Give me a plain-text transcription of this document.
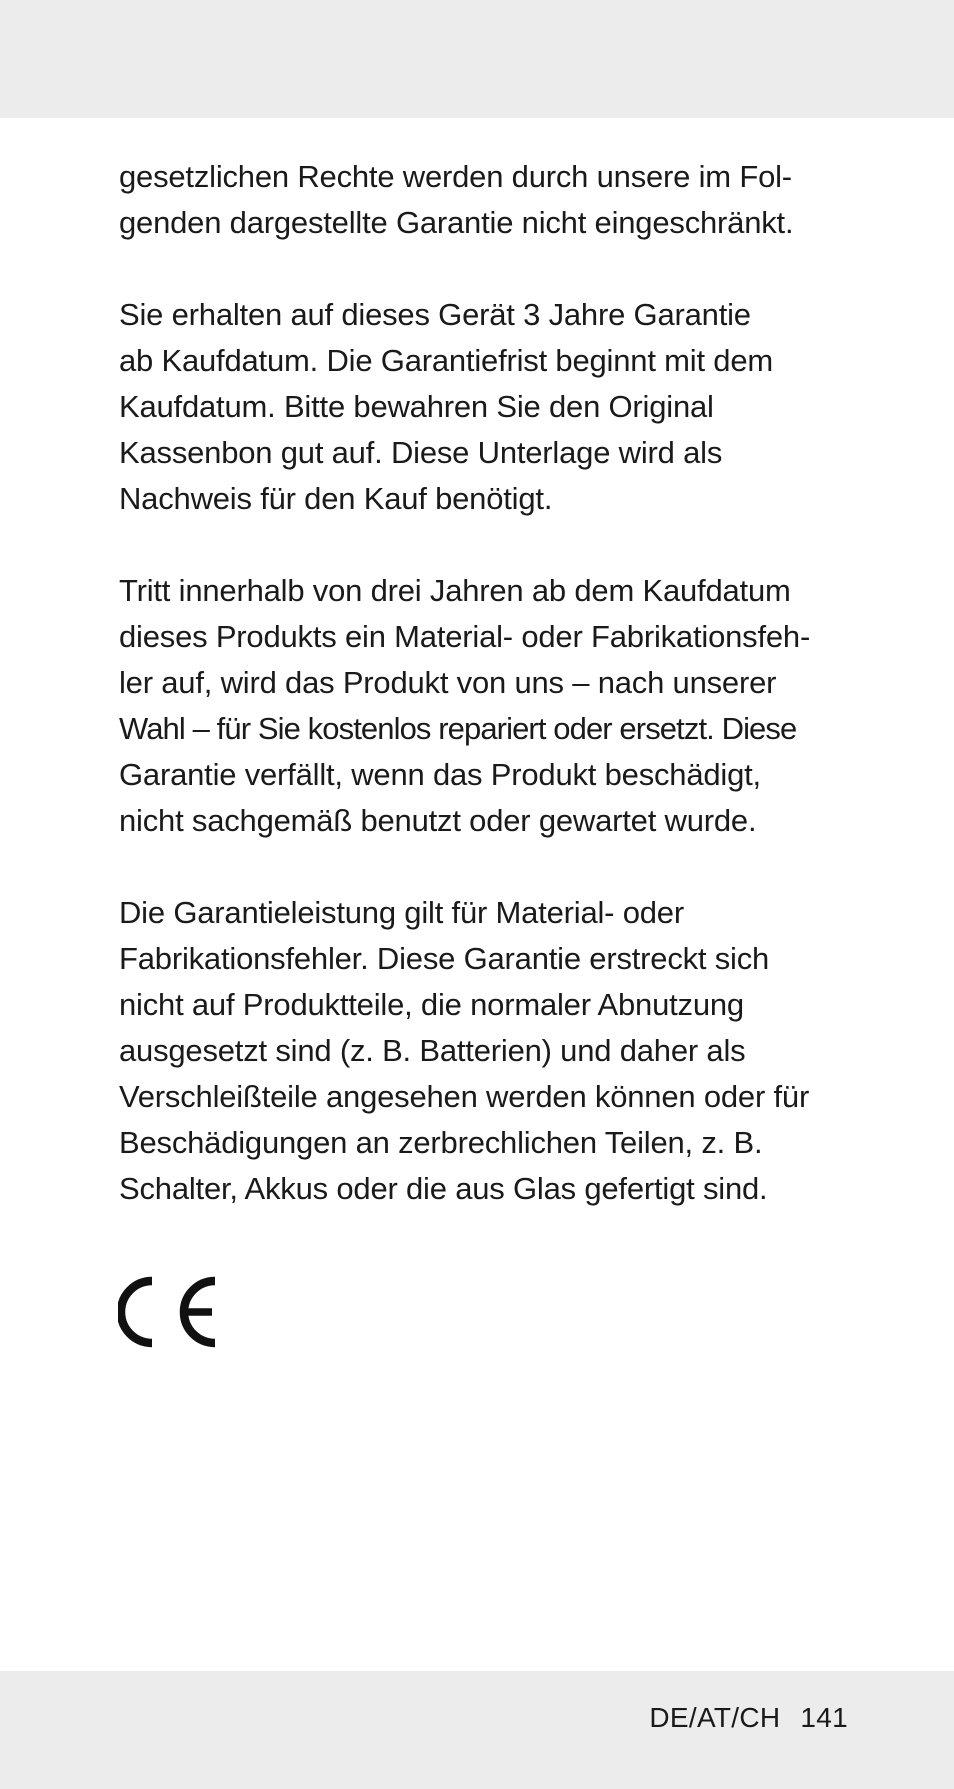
gesetzlichen Rechte werden durch unsere im Fol-
genden dargestellte Garantie nicht eingeschränkt.

Sie erhalten auf dieses Gerät 3 Jahre Garantie
ab Kaufdatum. Die Garantiefrist beginnt mit dem
Kaufdatum. Bitte bewahren Sie den Original
Kassenbon gut auf. Diese Unterlage wird als
Nachweis für den Kauf benötigt.

Tritt innerhalb von drei Jahren ab dem Kaufdatum
dieses Produkts ein Material- oder Fabrikationsfeh-
ler auf, wird das Produkt von uns – nach unserer
Wahl – für Sie kostenlos repariert oder ersetzt. Diese
Garantie verfällt, wenn das Produkt beschädigt,
nicht sachgemäß benutzt oder gewartet wurde.

Die Garantieleistung gilt für Material- oder
Fabrikationsfehler. Diese Garantie erstreckt sich
nicht auf Produktteile, die normaler Abnutzung
ausgesetzt sind (z. B. Batterien) und daher als
Verschleißteile angesehen werden können oder für
Beschädigungen an zerbrechlichen Teilen, z. B.
Schalter, Akkus oder die aus Glas gefertigt sind.

DE/AT/CH 141
